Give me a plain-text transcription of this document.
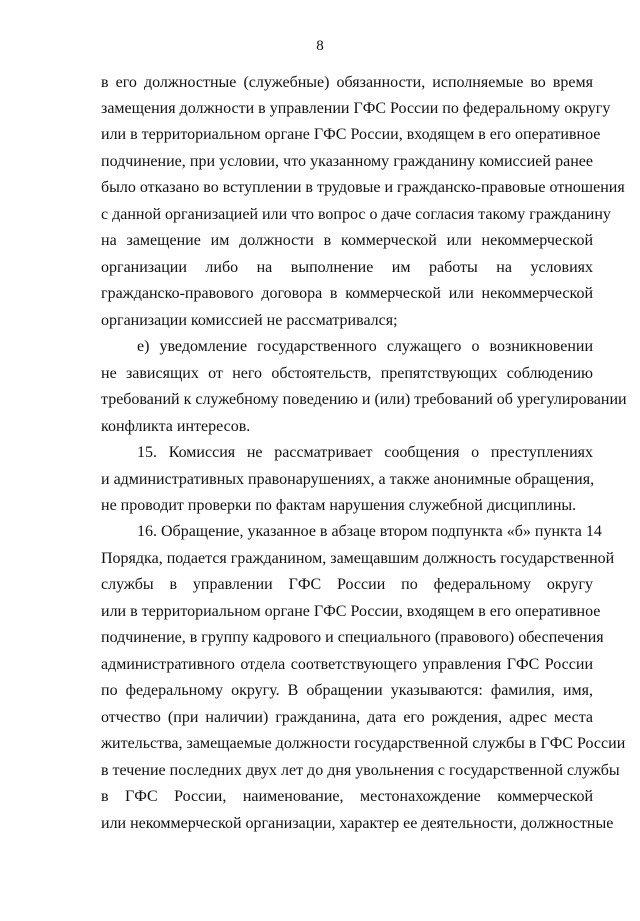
8
в его должностные (служебные) обязанности, исполняемые во время
замещения должности в управлении ГФС России по федеральному округу
или в территориальном органе ГФС России, входящем в его оперативное
подчинение, при условии, что указанному гражданину комиссией ранее
было отказано во вступлении в трудовые и гражданско-правовые отношения
с данной организацией или что вопрос о даче согласия такому гражданину
на замещение им должности в коммерческой или некоммерческой
организации либо на выполнение им работы на условиях
гражданско-правового договора в коммерческой или некоммерческой
организации комиссией не рассматривался;
е) уведомление государственного служащего о возникновении
не зависящих от него обстоятельств, препятствующих соблюдению
требований к служебному поведению и (или) требований об урегулировании
конфликта интересов.
15. Комиссия не рассматривает сообщения о преступлениях
и административных правонарушениях, а также анонимные обращения,
не проводит проверки по фактам нарушения служебной дисциплины.
16. Обращение, указанное в абзаце втором подпункта «б» пункта 14
Порядка, подается гражданином, замещавшим должность государственной
службы в управлении ГФС России по федеральному округу
или в территориальном органе ГФС России, входящем в его оперативное
подчинение, в группу кадрового и специального (правового) обеспечения
административного отдела соответствующего управления ГФС России
по федеральному округу. В обращении указываются: фамилия, имя,
отчество (при наличии) гражданина, дата его рождения, адрес места
жительства, замещаемые должности государственной службы в ГФС России
в течение последних двух лет до дня увольнения с государственной службы
в ГФС России, наименование, местонахождение коммерческой
или некоммерческой организации, характер ее деятельности, должностные
